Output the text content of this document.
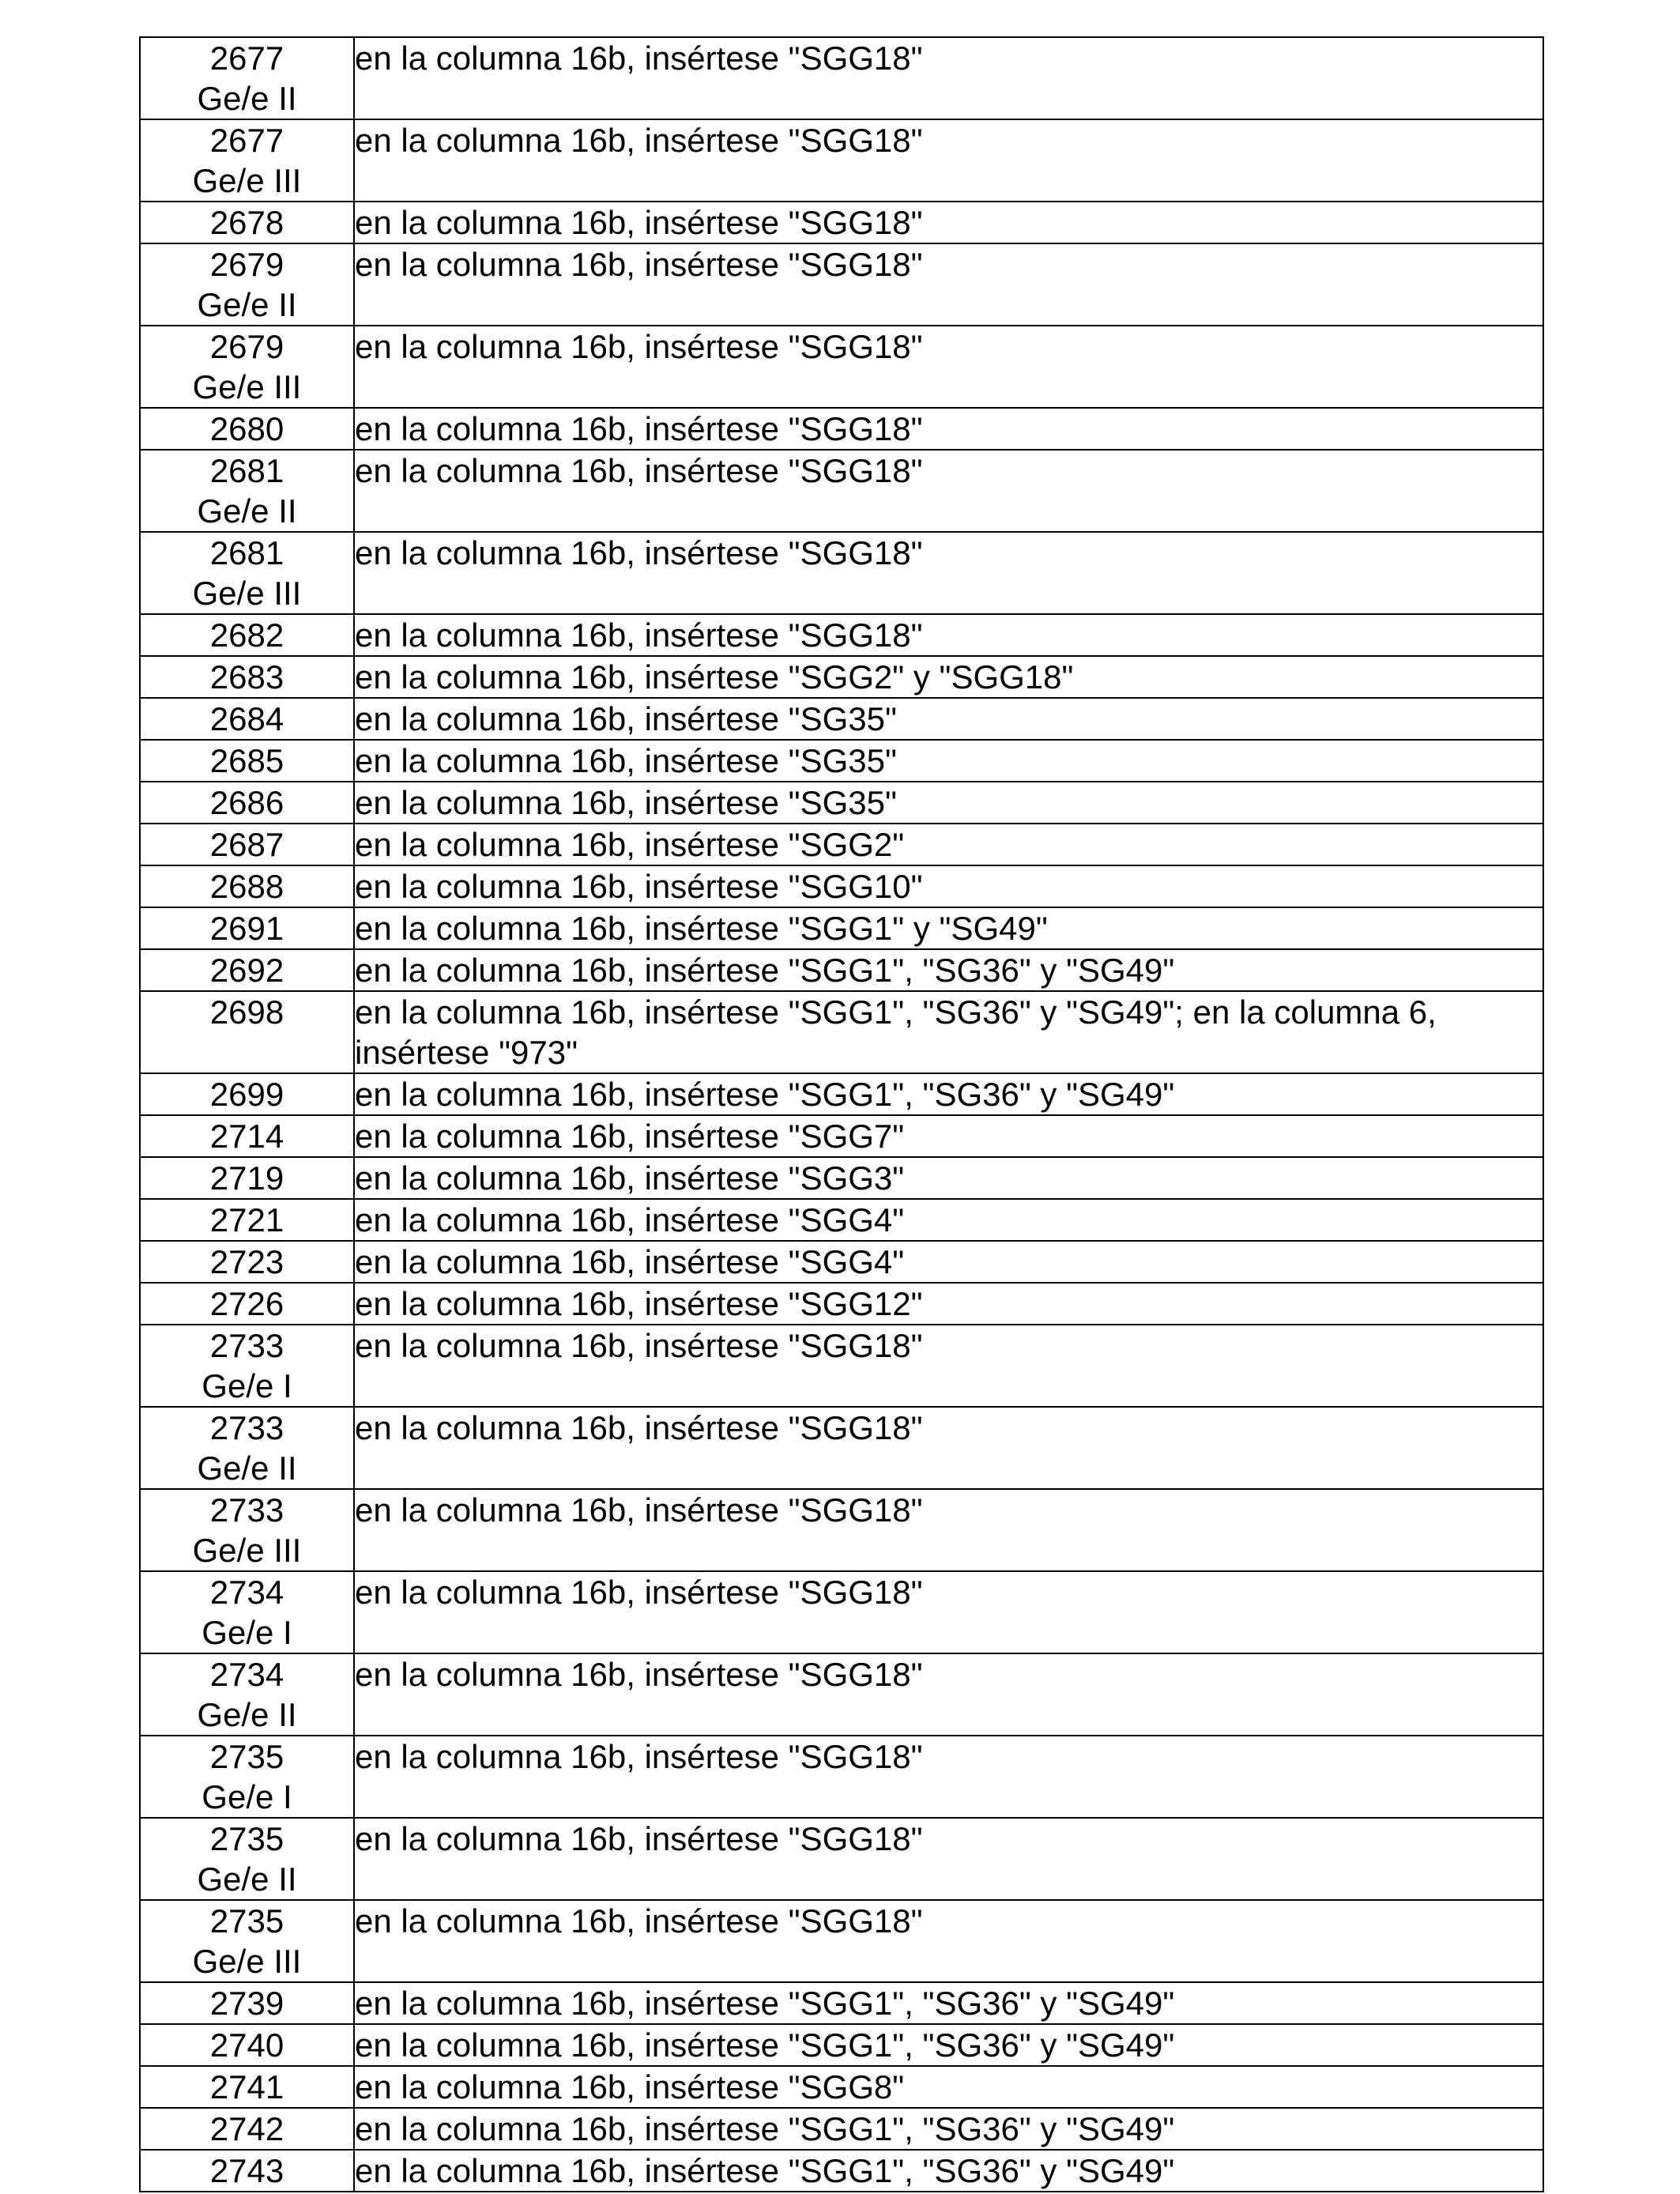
2677
Ge/e II	en la columna 16b, insértese "SGG18"

2677
Ge/e III	en la columna 16b, insértese "SGG18"

2678	en la columna 16b, insértese "SGG18"

2679
Ge/e II	en la columna 16b, insértese "SGG18"

2679
Ge/e III	en la columna 16b, insértese "SGG18"

2680	en la columna 16b, insértese "SGG18"

2681
Ge/e II	en la columna 16b, insértese "SGG18"

2681
Ge/e III	en la columna 16b, insértese "SGG18"

2682	en la columna 16b, insértese "SGG18"

2683	en la columna 16b, insértese "SGG2" y "SGG18"

2684	en la columna 16b, insértese "SG35"

2685	en la columna 16b, insértese "SG35"

2686	en la columna 16b, insértese "SG35"

2687	en la columna 16b, insértese "SGG2"

2688	en la columna 16b, insértese "SGG10"

2691	en la columna 16b, insértese "SGG1" y "SG49"

2692	en la columna 16b, insértese "SGG1", "SG36" y "SG49"

2698	en la columna 16b, insértese "SGG1", "SG36" y "SG49"; en la columna 6, insértese "973"

2699	en la columna 16b, insértese "SGG1", "SG36" y "SG49"

2714	en la columna 16b, insértese "SGG7"

2719	en la columna 16b, insértese "SGG3"

2721	en la columna 16b, insértese "SGG4"

2723	en la columna 16b, insértese "SGG4"

2726	en la columna 16b, insértese "SGG12"

2733
Ge/e I	en la columna 16b, insértese "SGG18"

2733
Ge/e II	en la columna 16b, insértese "SGG18"

2733
Ge/e III	en la columna 16b, insértese "SGG18"

2734
Ge/e I	en la columna 16b, insértese "SGG18"

2734
Ge/e II	en la columna 16b, insértese "SGG18"

2735
Ge/e I	en la columna 16b, insértese "SGG18"

2735
Ge/e II	en la columna 16b, insértese "SGG18"

2735
Ge/e III	en la columna 16b, insértese "SGG18"

2739	en la columna 16b, insértese "SGG1", "SG36" y "SG49"

2740	en la columna 16b, insértese "SGG1", "SG36" y "SG49"

2741	en la columna 16b, insértese "SGG8"

2742	en la columna 16b, insértese "SGG1", "SG36" y "SG49"

2743	en la columna 16b, insértese "SGG1", "SG36" y "SG49"
